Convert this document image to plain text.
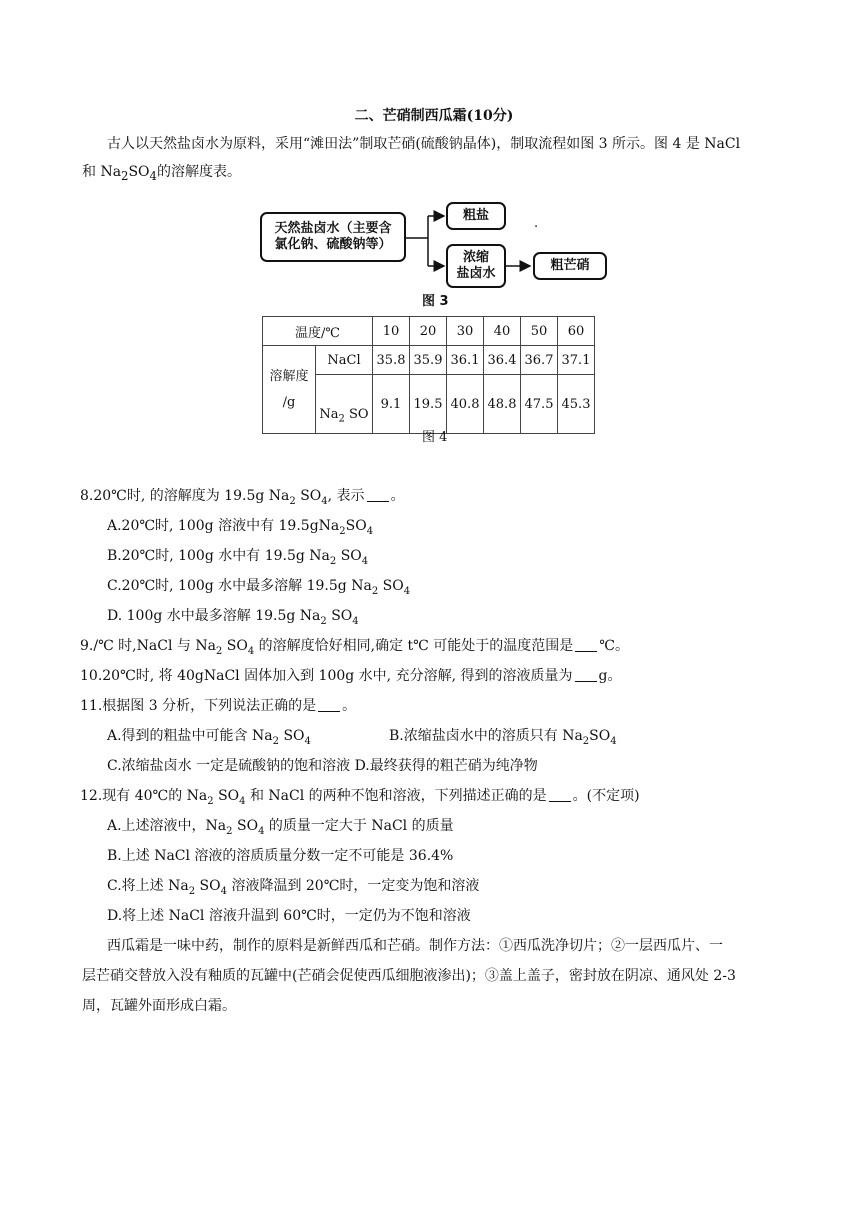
二、芒硝制西瓜霜(10分)
古人以天然盐卤水为原料，采用“滩田法”制取芒硝(硫酸钠晶体)，制取流程如图 3 所示。图 4 是 NaCl
和 $Na_2SO_4$的溶解度表。
天然盐卤水（主要含
氯化钠、硫酸钠等）
粗盐
.
浓缩
盐卤水
粗芒硝
图 3
温度/℃		10	20	30	40	50	60

溶解度
/g	NaCl	35.8	35.9	36.1	36.4	36.7	37.1
	$Na_2$ SO	9.1	19.5	40.8	48.8	47.5	45.3
图 4
8.20℃时, 的溶解度为 19.5g $Na_2$ $SO_4$, 表示 。
A.20℃时, 100g 溶液中有 $19.5gNa_2SO_4$
B.20℃时, 100g 水中有 19.5g $Na_2$ $SO_4$
C.20℃时, 100g 水中最多溶解 19.5g $Na_2$ $SO_4$
D. 100g 水中最多溶解 19.5g $Na_2$ $SO_4$
9./℃ 时,NaCl 与 $Na_2$ $SO_4$ 的溶解度恰好相同,确定 t℃ 可能处于的温度范围是 ℃。
10.20℃时, 将 40gNaCl 固体加入到 100g 水中, 充分溶解, 得到的溶液质量为 g。
11.根据图 3 分析，下列说法正确的是 。
A.得到的粗盐中可能含 $Na_2$ $SO_4$	B.浓缩盐卤水中的溶质只有 $Na_2SO_4$
C.浓缩盐卤水 一定是硫酸钠的饱和溶液 D.最终获得的粗芒硝为纯净物
12.现有 40℃的 $Na_2$ $SO_4$ 和 NaCl 的两种不饱和溶液，下列描述正确的是 。(不定项)
A.上述溶液中，$Na_2$ $SO_4$ 的质量一定大于 NaCl 的质量
B.上述 NaCl 溶液的溶质质量分数一定不可能是 36.4%
C.将上述 $Na_2$ $SO_4$ 溶液降温到 20℃时，一定变为饱和溶液
D.将上述 NaCl 溶液升温到 60℃时，一定仍为不饱和溶液
西瓜霜是一味中药，制作的原料是新鲜西瓜和芒硝。制作方法：①西瓜洗净切片；②一层西瓜片、一
层芒硝交替放入没有釉质的瓦罐中(芒硝会促使西瓜细胞液渗出)；③盖上盖子，密封放在阴凉、通风处 2-3
周，瓦罐外面形成白霜。
